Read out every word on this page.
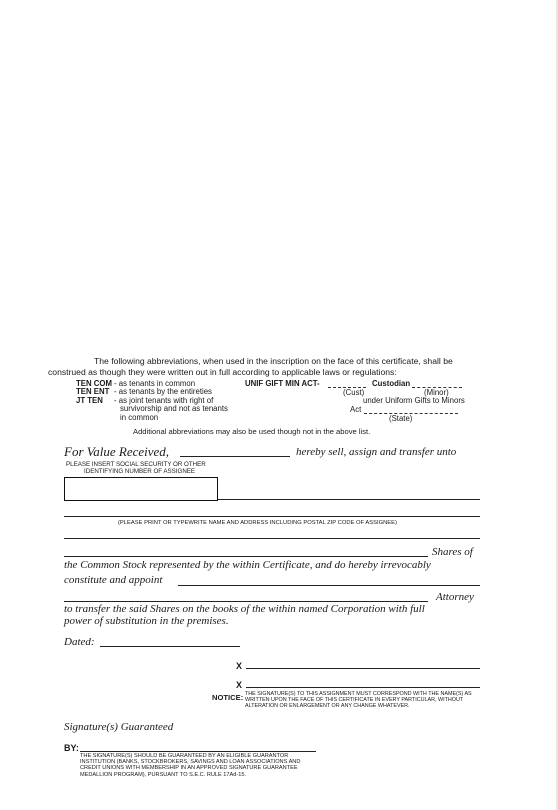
The following abbreviations, when used in the inscription on the face of this certificate, shall be construed as though they were written out in full according to applicable laws or regulations:
TEN COM - as tenants in common
TEN ENT - as tenants by the entireties
JT TEN	- as joint tenants with right of
survivorship and not as tenants
in common
UNIF GIFT MIN ACT-	Custodian
(Cust)	(Minor)
under Uniform Gifts to Minors
Act
(State)
Additional abbreviations may also be used though not in the above list.
For Value Received,	hereby sell, assign and transfer unto
PLEASE INSERT SOCIAL SECURITY OR OTHER
IDENTIFYING NUMBER OF ASSIGNEE
(PLEASE PRINT OR TYPEWRITE NAME AND ADDRESS INCLUDING POSTAL ZIP CODE OF ASSIGNEE)
Shares of
the Common Stock represented by the within Certificate, and do hereby irrevocably
constitute and appoint
Attorney
to transfer the said Shares on the books of the within named Corporation with full
power of substitution in the premises.
Dated:
X
X
NOTICE: THE SIGNATURE(S) TO THIS ASSIGNMENT MUST CORRESPOND WITH THE NAME(S) AS WRITTEN UPON THE FACE OF THIS CERTIFICATE IN EVERY PARTICULAR, WITHOUT ALTERATION OR ENLARGEMENT OR ANY CHANGE WHATEVER.
Signature(s) Guaranteed
BY:
THE SIGNATURE(S) SHOULD BE GUARANTEED BY AN ELIGIBLE GUARANTOR INSTITUTION (BANKS, STOCKBROKERS, SAVINGS AND LOAN ASSOCIATIONS AND CREDIT UNIONS WITH MEMBERSHIP IN AN APPROVED SIGNATURE GUARANTEE MEDALLION PROGRAM), PURSUANT TO S.E.C. RULE 17Ad-15.
